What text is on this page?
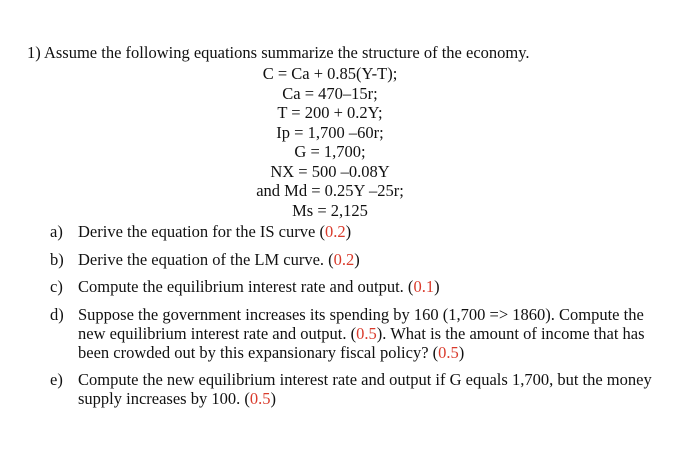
1) Assume the following equations summarize the structure of the economy.
C = Ca + 0.85(Y-T);
Ca = 470–15r;
T = 200 + 0.2Y;
Ip = 1,700 –60r;
G = 1,700;
NX = 500 –0.08Y
and Md = 0.25Y –25r;
Ms = 2,125
a) Derive the equation for the IS curve (0.2)
b) Derive the equation of the LM curve. (0.2)
c) Compute the equilibrium interest rate and output. (0.1)
d) Suppose the government increases its spending by 160 (1,700 => 1860). Compute the new equilibrium interest rate and output. (0.5). What is the amount of income that has been crowded out by this expansionary fiscal policy? (0.5)
e) Compute the new equilibrium interest rate and output if G equals 1,700, but the money supply increases by 100. (0.5)
